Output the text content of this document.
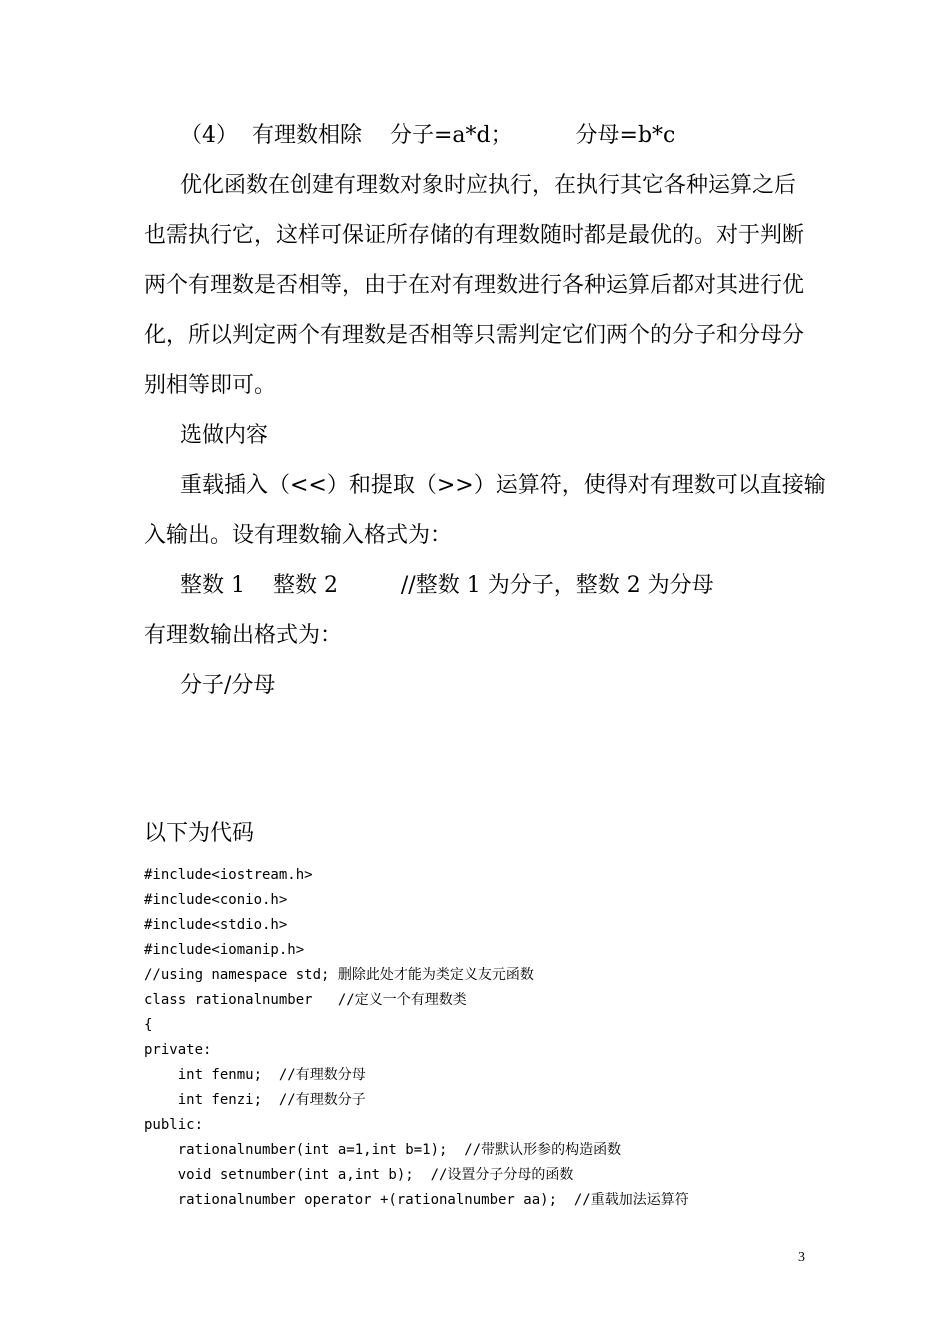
（4）  有理数相除    分子=a*d；         分母=b*c
优化函数在创建有理数对象时应执行，在执行其它各种运算之后
也需执行它，这样可保证所存储的有理数随时都是最优的。对于判断
两个有理数是否相等，由于在对有理数进行各种运算后都对其进行优
化，所以判定两个有理数是否相等只需判定它们两个的分子和分母分
别相等即可。
选做内容
重载插入（<<）和提取（>>）运算符，使得对有理数可以直接输
入输出。设有理数输入格式为：
整数 1    整数 2         //整数 1 为分子，整数 2 为分母
有理数输出格式为：
分子/分母
以下为代码
#include<iostream.h>
#include<conio.h>
#include<stdio.h>
#include<iomanip.h>
//using namespace std; 删除此处才能为类定义友元函数
class rationalnumber   //定义一个有理数类
{
private:
int fenmu;  //有理数分母
int fenzi;  //有理数分子
public:
rationalnumber(int a=1,int b=1);  //带默认形参的构造函数
void setnumber(int a,int b);  //设置分子分母的函数
rationalnumber operator +(rationalnumber aa);  //重载加法运算符
3
